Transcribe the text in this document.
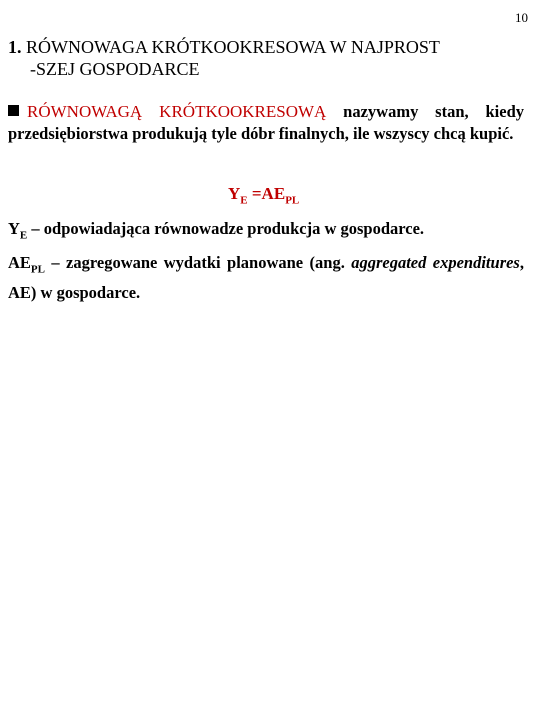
10
1. RÓWNOWAGA KRÓTKOOKRESOWA W NAJPROST
-SZEJ GOSPODARCE

RÓWNOWAGĄ KRÓTKOOKRESOWĄ nazywamy stan, kiedy przedsiębiorstwa produkują tyle dóbr finalnych, ile wszyscy chcą kupić.

$Y_E =AE_{PL}$

$Y_E$ – odpowiadająca równowadze produkcja w gospodarce.

$AE_{PL}$ – zagregowane wydatki planowane (ang. aggregated expenditures, AE) w gospodarce.
